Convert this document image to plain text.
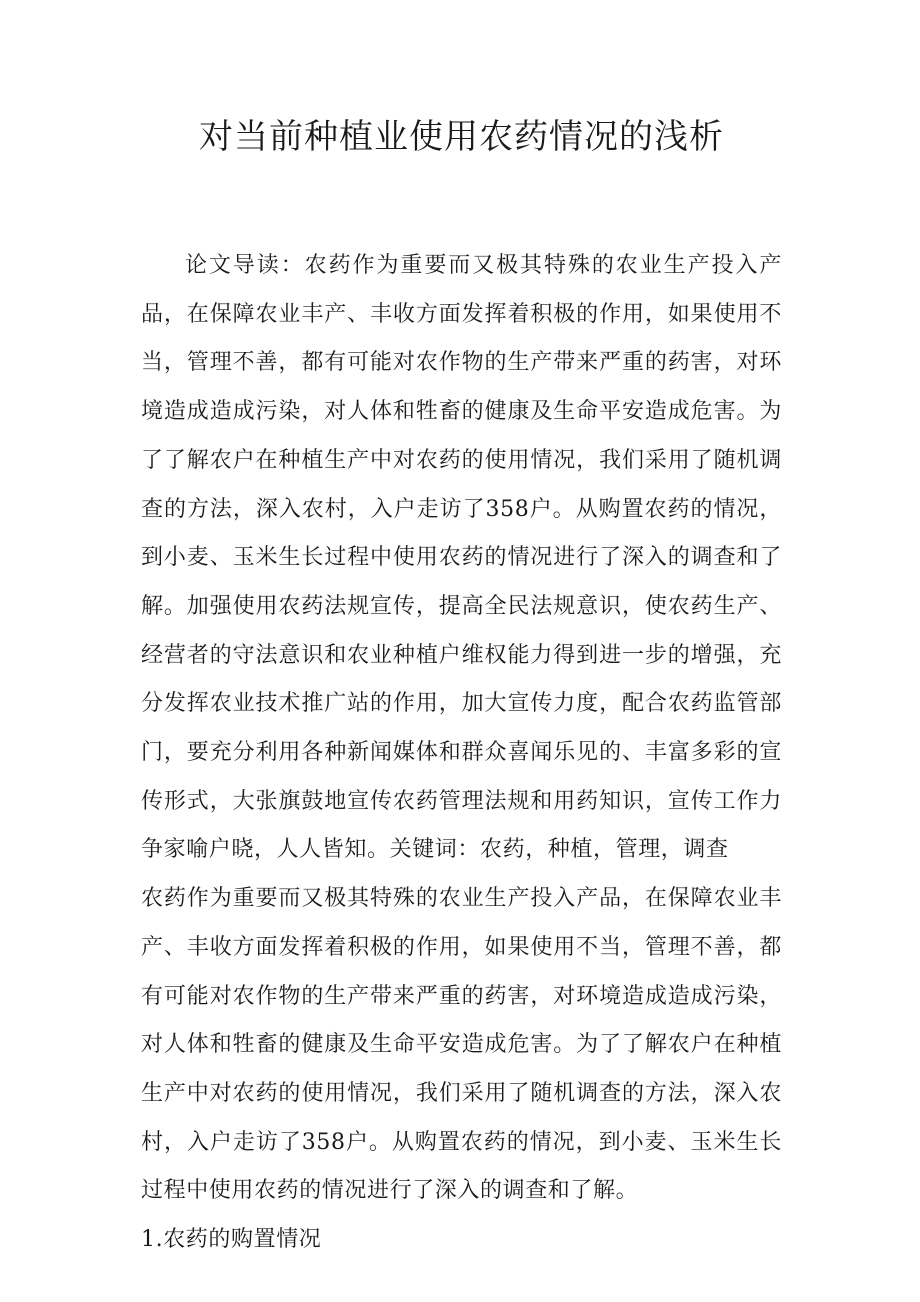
对当前种植业使用农药情况的浅析

论文导读：农药作为重要而又极其特殊的农业生产投入产品，在保障农业丰产、丰收方面发挥着积极的作用，如果使用不当，管理不善，都有可能对农作物的生产带来严重的药害，对环境造成造成污染，对人体和牲畜的健康及生命平安造成危害。为了了解农户在种植生产中对农药的使用情况，我们采用了随机调查的方法，深入农村，入户走访了358户。从购置农药的情况，到小麦、玉米生长过程中使用农药的情况进行了深入的调查和了解。加强使用农药法规宣传，提高全民法规意识，使农药生产、经营者的守法意识和农业种植户维权能力得到进一步的增强，充分发挥农业技术推广站的作用，加大宣传力度，配合农药监管部门，要充分利用各种新闻媒体和群众喜闻乐见的、丰富多彩的宣传形式，大张旗鼓地宣传农药管理法规和用药知识，宣传工作力争家喻户晓，人人皆知。关键词：农药，种植，管理，调查

农药作为重要而又极其特殊的农业生产投入产品，在保障农业丰产、丰收方面发挥着积极的作用，如果使用不当，管理不善，都有可能对农作物的生产带来严重的药害，对环境造成造成污染，对人体和牲畜的健康及生命平安造成危害。为了了解农户在种植生产中对农药的使用情况，我们采用了随机调查的方法，深入农村，入户走访了358户。从购置农药的情况，到小麦、玉米生长过程中使用农药的情况进行了深入的调查和了解。

1.农药的购置情况
